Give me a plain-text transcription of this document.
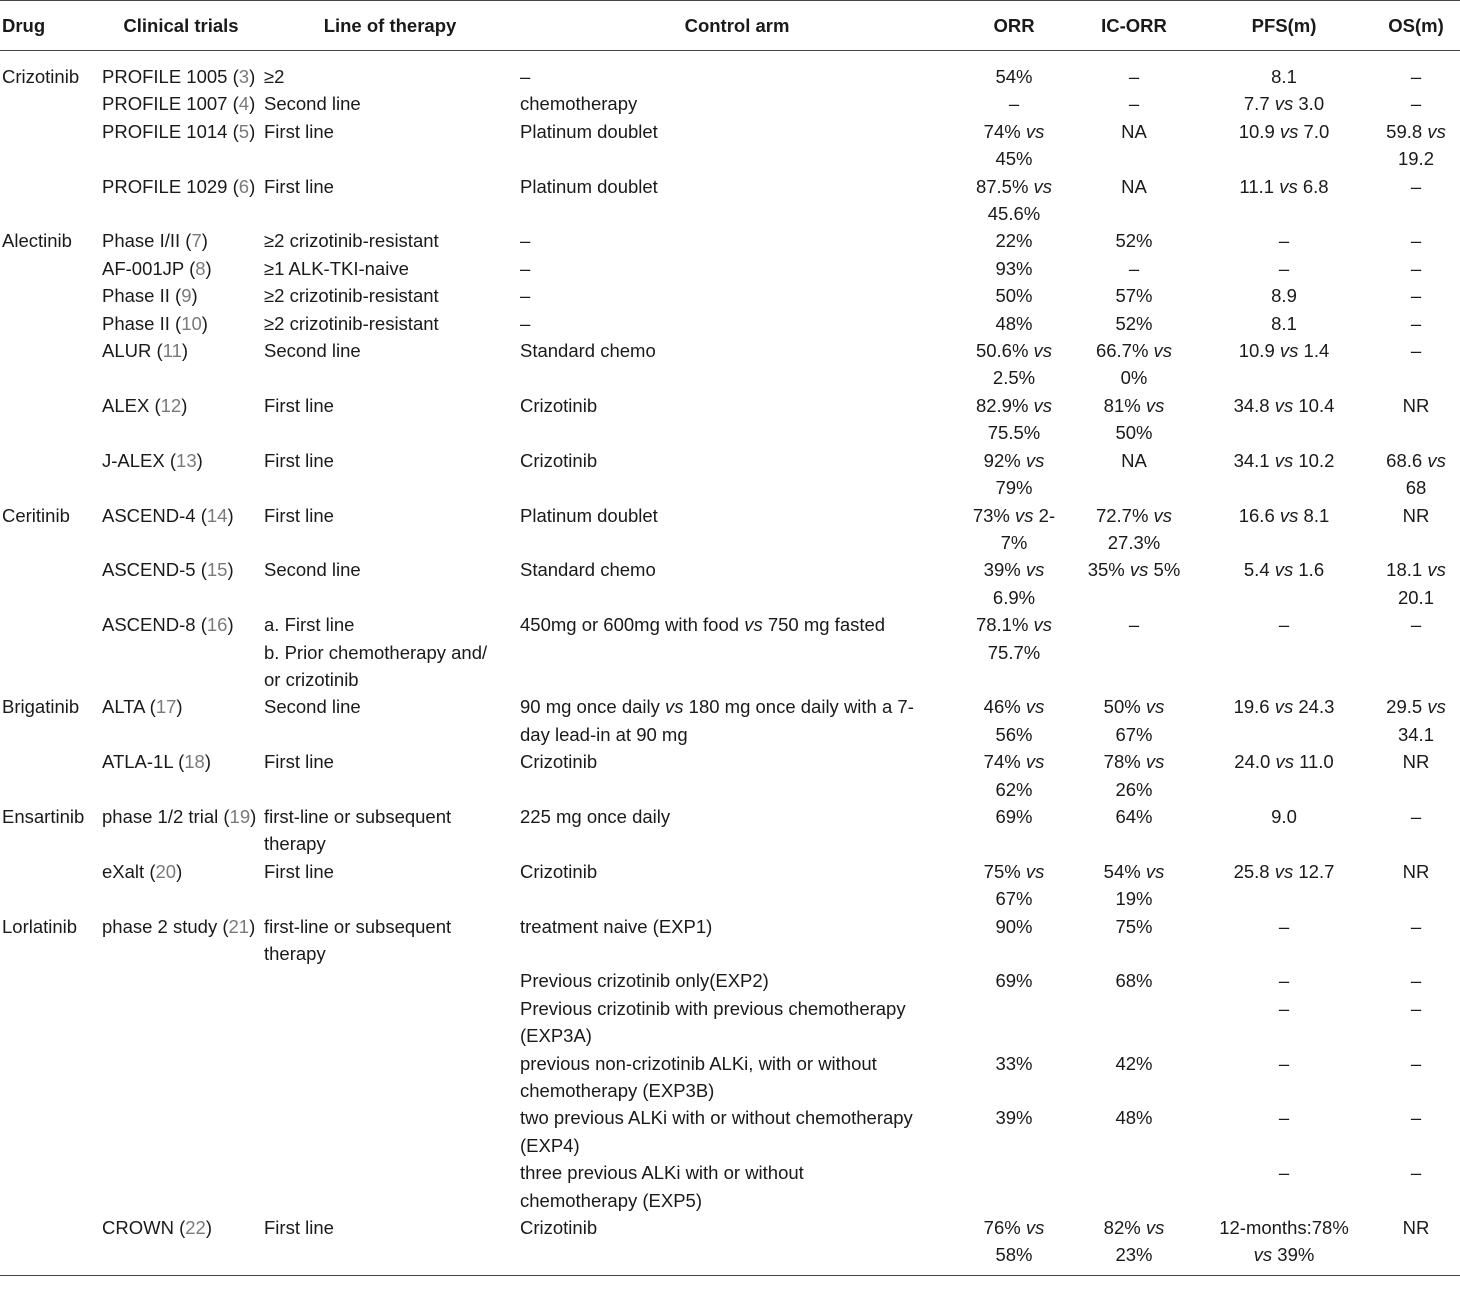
Drug	Clinical trials	Line of therapy	Control arm	ORR	IC-ORR	PFS(m)	OS(m)
Crizotinib	PROFILE 1005 (3)	≥2	–	54%	–	8.1	–

	PROFILE 1007 (4)	Second line	chemotherapy	–	–	7.7 vs 3.0	–

	PROFILE 1014 (5)	First line	Platinum doublet	74% vs
45%	NA	10.9 vs 7.0	59.8 vs
19.2

	PROFILE 1029 (6)	First line	Platinum doublet	87.5% vs
45.6%	NA	11.1 vs 6.8	–

Alectinib	Phase I/II (7)	≥2 crizotinib-resistant	–	22%	52%	–	–

	AF-001JP (8)	≥1 ALK-TKI-naive	–	93%	–	–	–

	Phase II (9)	≥2 crizotinib-resistant	–	50%	57%	8.9	–

	Phase II (10)	≥2 crizotinib-resistant	–	48%	52%	8.1	–

	ALUR (11)	Second line	Standard chemo	50.6% vs
2.5%	66.7% vs
0%	10.9 vs 1.4	–

	ALEX (12)	First line	Crizotinib	82.9% vs
75.5%	81% vs
50%	34.8 vs 10.4	NR

	J-ALEX (13)	First line	Crizotinib	92% vs
79%	NA	34.1 vs 10.2	68.6 vs
68

Ceritinib	ASCEND-4 (14)	First line	Platinum doublet	73% vs 2-
7%	72.7% vs
27.3%	16.6 vs 8.1	NR

	ASCEND-5 (15)	Second line	Standard chemo	39% vs
6.9%	35% vs 5%	5.4 vs 1.6	18.1 vs
20.1

	ASCEND-8 (16)	a. First line
b. Prior chemotherapy and/
or crizotinib	450mg or 600mg with food vs 750 mg fasted	78.1% vs
75.7%	–	–	–

Brigatinib	ALTA (17)	Second line	90 mg once daily vs 180 mg once daily with a 7-
day lead-in at 90 mg	46% vs
56%	50% vs
67%	19.6 vs 24.3	29.5 vs
34.1

	ATLA-1L (18)	First line	Crizotinib	74% vs
62%	78% vs
26%	24.0 vs 11.0	NR

Ensartinib	phase 1/2 trial (19)	first-line or subsequent
therapy	225 mg once daily	69%	64%	9.0	–

	eXalt (20)	First line	Crizotinib	75% vs
67%	54% vs
19%	25.8 vs 12.7	NR

Lorlatinib	phase 2 study (21)	first-line or subsequent
therapy	treatment naive (EXP1)	90%	75%	–	–

			Previous crizotinib only(EXP2)	69%	68%	–	–

			Previous crizotinib with previous chemotherapy
(EXP3A)			–	–

			previous non-crizotinib ALKi, with or without
chemotherapy (EXP3B)	33%	42%	–	–

			two previous ALKi with or without chemotherapy
(EXP4)	39%	48%	–	–

			three previous ALKi with or without
chemotherapy (EXP5)			–	–

	CROWN (22)	First line	Crizotinib	76% vs
58%	82% vs
23%	12-months:78%
vs 39%	NR
